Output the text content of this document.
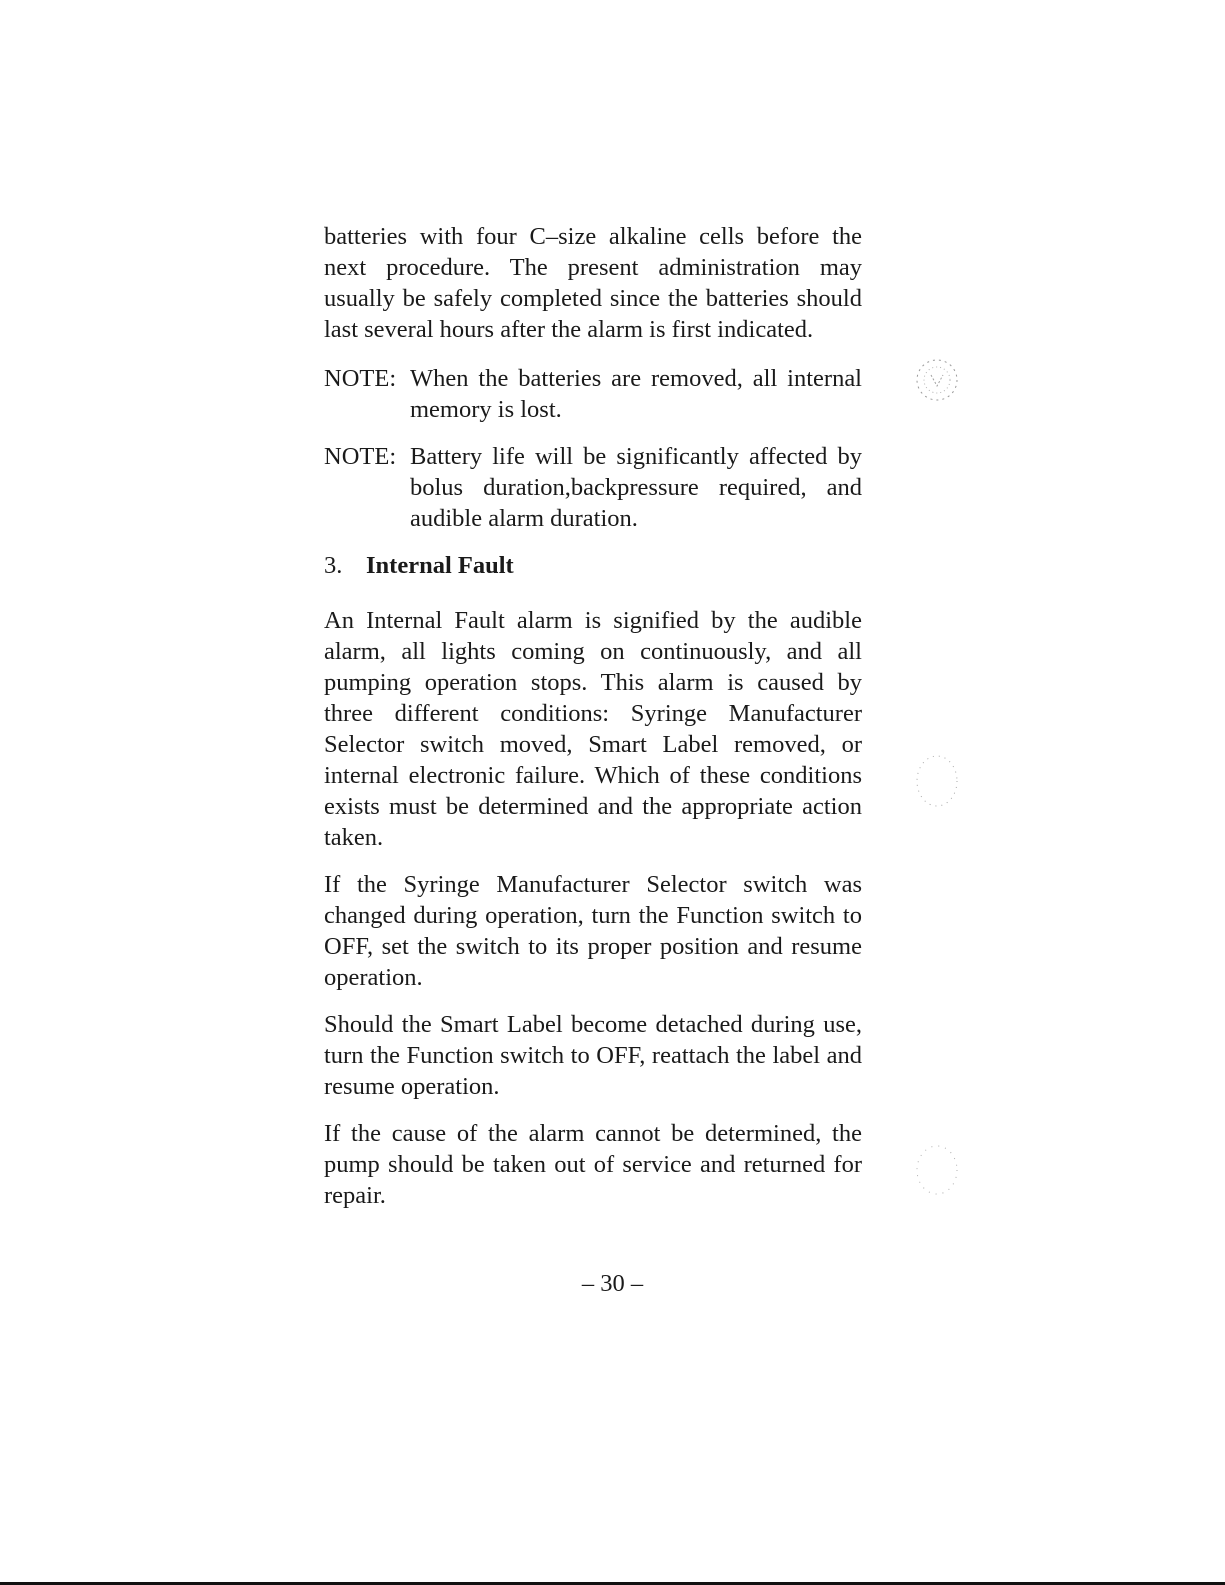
batteries with four C–size alkaline cells before the next procedure. The present administration may usually be safely completed since the batteries should last several hours after the alarm is first indicated.

NOTE: When the batteries are removed, all internal memory is lost.
NOTE: Battery life will be significantly affected by bolus duration,backpressure required, and audible alarm duration.
3. Internal Fault

An Internal Fault alarm is signified by the audible alarm, all lights coming on continuously, and all pumping operation stops. This alarm is caused by three different conditions: Syringe Manufacturer Selector switch moved, Smart Label removed, or internal electronic failure. Which of these conditions exists must be determined and the appropriate action taken.

If the Syringe Manufacturer Selector switch was changed during operation, turn the Function switch to OFF, set the switch to its proper position and resume operation.

Should the Smart Label become detached during use, turn the Function switch to OFF, reattach the label and resume operation.

If the cause of the alarm cannot be determined, the pump should be taken out of service and returned for repair.

– 30 –
